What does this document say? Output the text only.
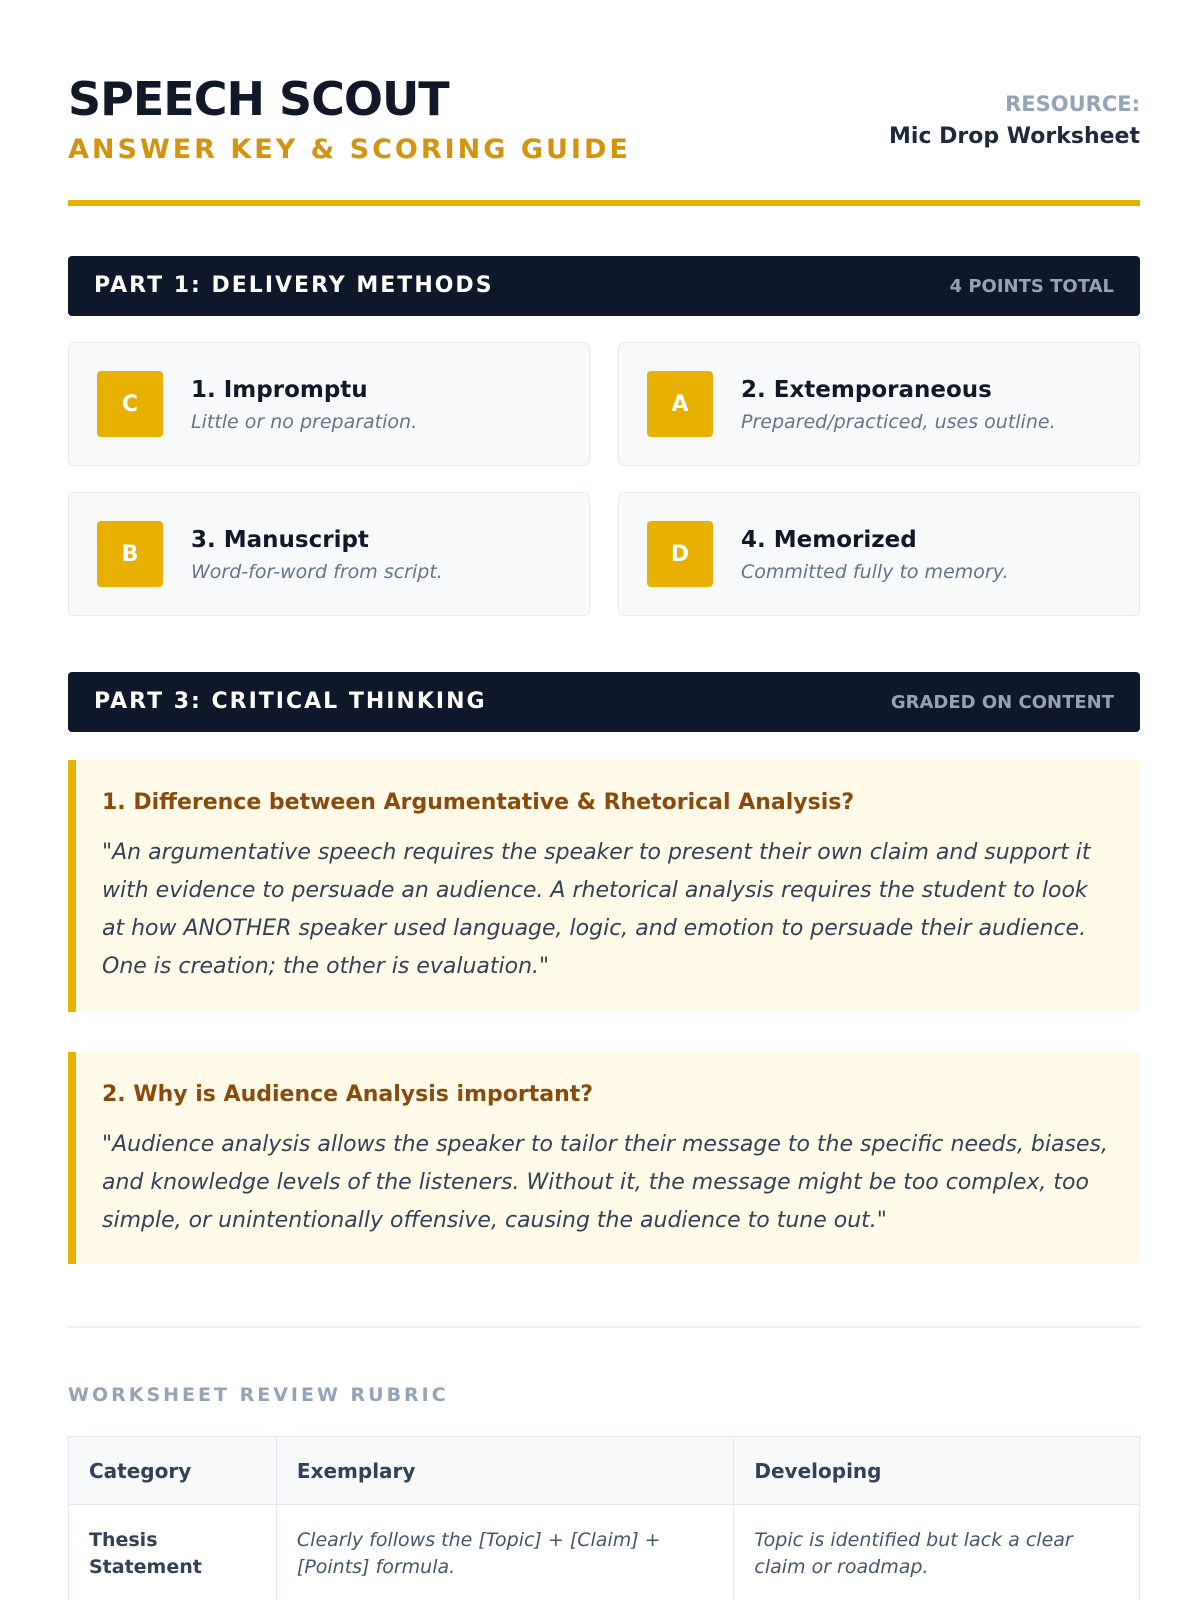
SPEECH SCOUT
ANSWER KEY & SCORING GUIDE
RESOURCE:
Mic Drop Worksheet
PART 1: DELIVERY METHODS	4 POINTS TOTAL
C
1. Impromptu
Little or no preparation.
A
2. Extemporaneous
Prepared/practiced, uses outline.
B
3. Manuscript
Word-for-word from script.
D
4. Memorized
Committed fully to memory.
PART 3: CRITICAL THINKING	GRADED ON CONTENT
1. Difference between Argumentative & Rhetorical Analysis?
"An argumentative speech requires the speaker to present their own claim and support it with evidence to persuade an audience. A rhetorical analysis requires the student to look at how ANOTHER speaker used language, logic, and emotion to persuade their audience. One is creation; the other is evaluation."
2. Why is Audience Analysis important?
"Audience analysis allows the speaker to tailor their message to the specific needs, biases, and knowledge levels of the listeners. Without it, the message might be too complex, too simple, or unintentionally offensive, causing the audience to tune out."
WORKSHEET REVIEW RUBRIC
Category	Exemplary	Developing
Thesis Statement	Clearly follows the [Topic] + [Claim] + [Points] formula.	Topic is identified but lack a clear claim or roadmap.
